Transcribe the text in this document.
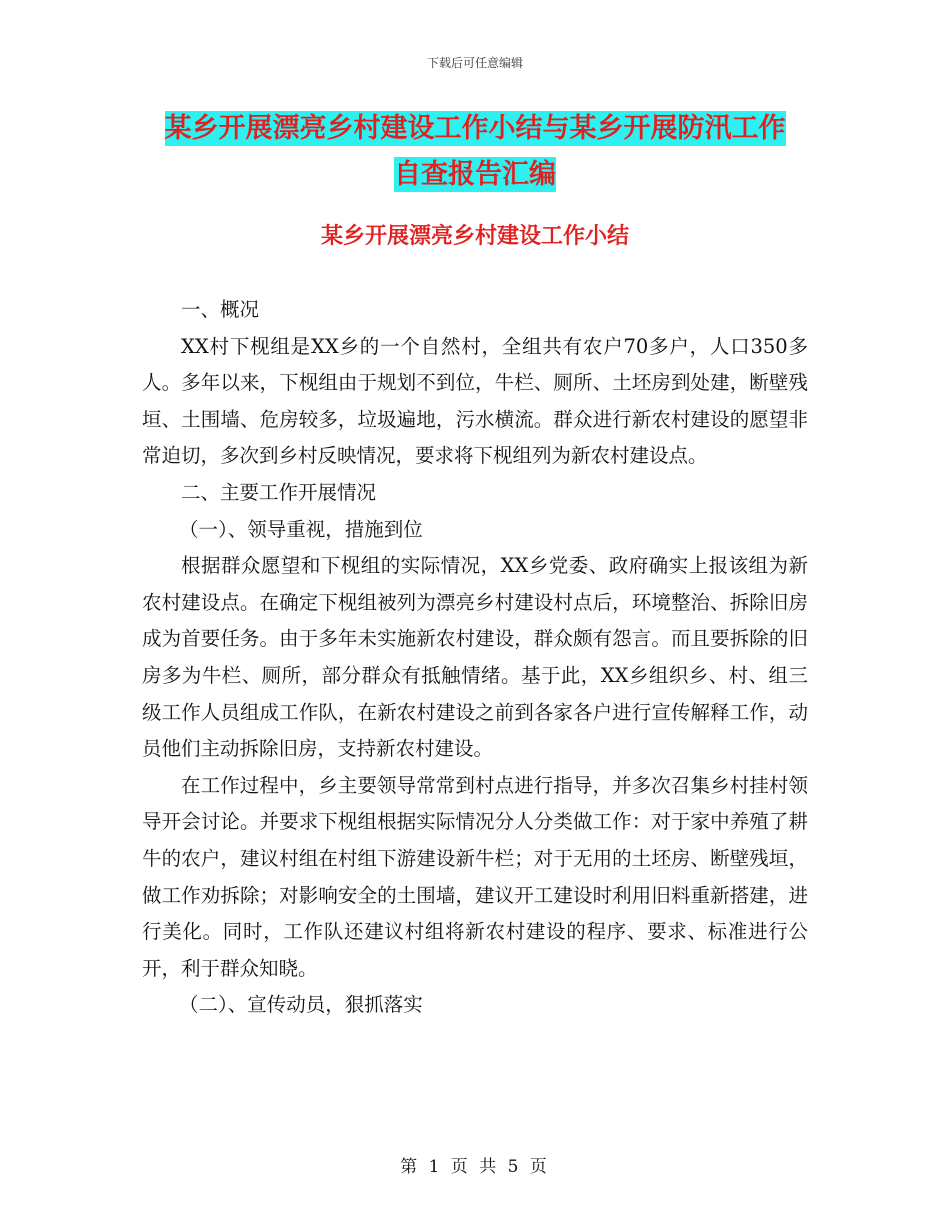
下载后可任意编辑
某乡开展漂亮乡村建设工作小结与某乡开展防汛工作
自查报告汇编
某乡开展漂亮乡村建设工作小结

一、概况

XX村下枧组是XX乡的一个自然村，全组共有农户70多户，人口350多人。多年以来，下枧组由于规划不到位，牛栏、厕所、土坯房到处建，断壁残垣、土围墙、危房较多，垃圾遍地，污水横流。群众进行新农村建设的愿望非常迫切，多次到乡村反映情况，要求将下枧组列为新农村建设点。

二、主要工作开展情况

（一）、领导重视，措施到位

根据群众愿望和下枧组的实际情况，XX乡党委、政府确实上报该组为新农村建设点。在确定下枧组被列为漂亮乡村建设村点后，环境整治、拆除旧房成为首要任务。由于多年未实施新农村建设，群众颇有怨言。而且要拆除的旧房多为牛栏、厕所，部分群众有抵触情绪。基于此，XX乡组织乡、村、组三级工作人员组成工作队，在新农村建设之前到各家各户进行宣传解释工作，动员他们主动拆除旧房，支持新农村建设。

在工作过程中，乡主要领导常常到村点进行指导，并多次召集乡村挂村领导开会讨论。并要求下枧组根据实际情况分人分类做工作：对于家中养殖了耕牛的农户，建议村组在村组下游建设新牛栏；对于无用的土坯房、断壁残垣，做工作劝拆除；对影响安全的土围墙，建议开工建设时利用旧料重新搭建，进行美化。同时，工作队还建议村组将新农村建设的程序、要求、标准进行公开，利于群众知晓。

（二）、宣传动员，狠抓落实

第 1 页 共 5 页
